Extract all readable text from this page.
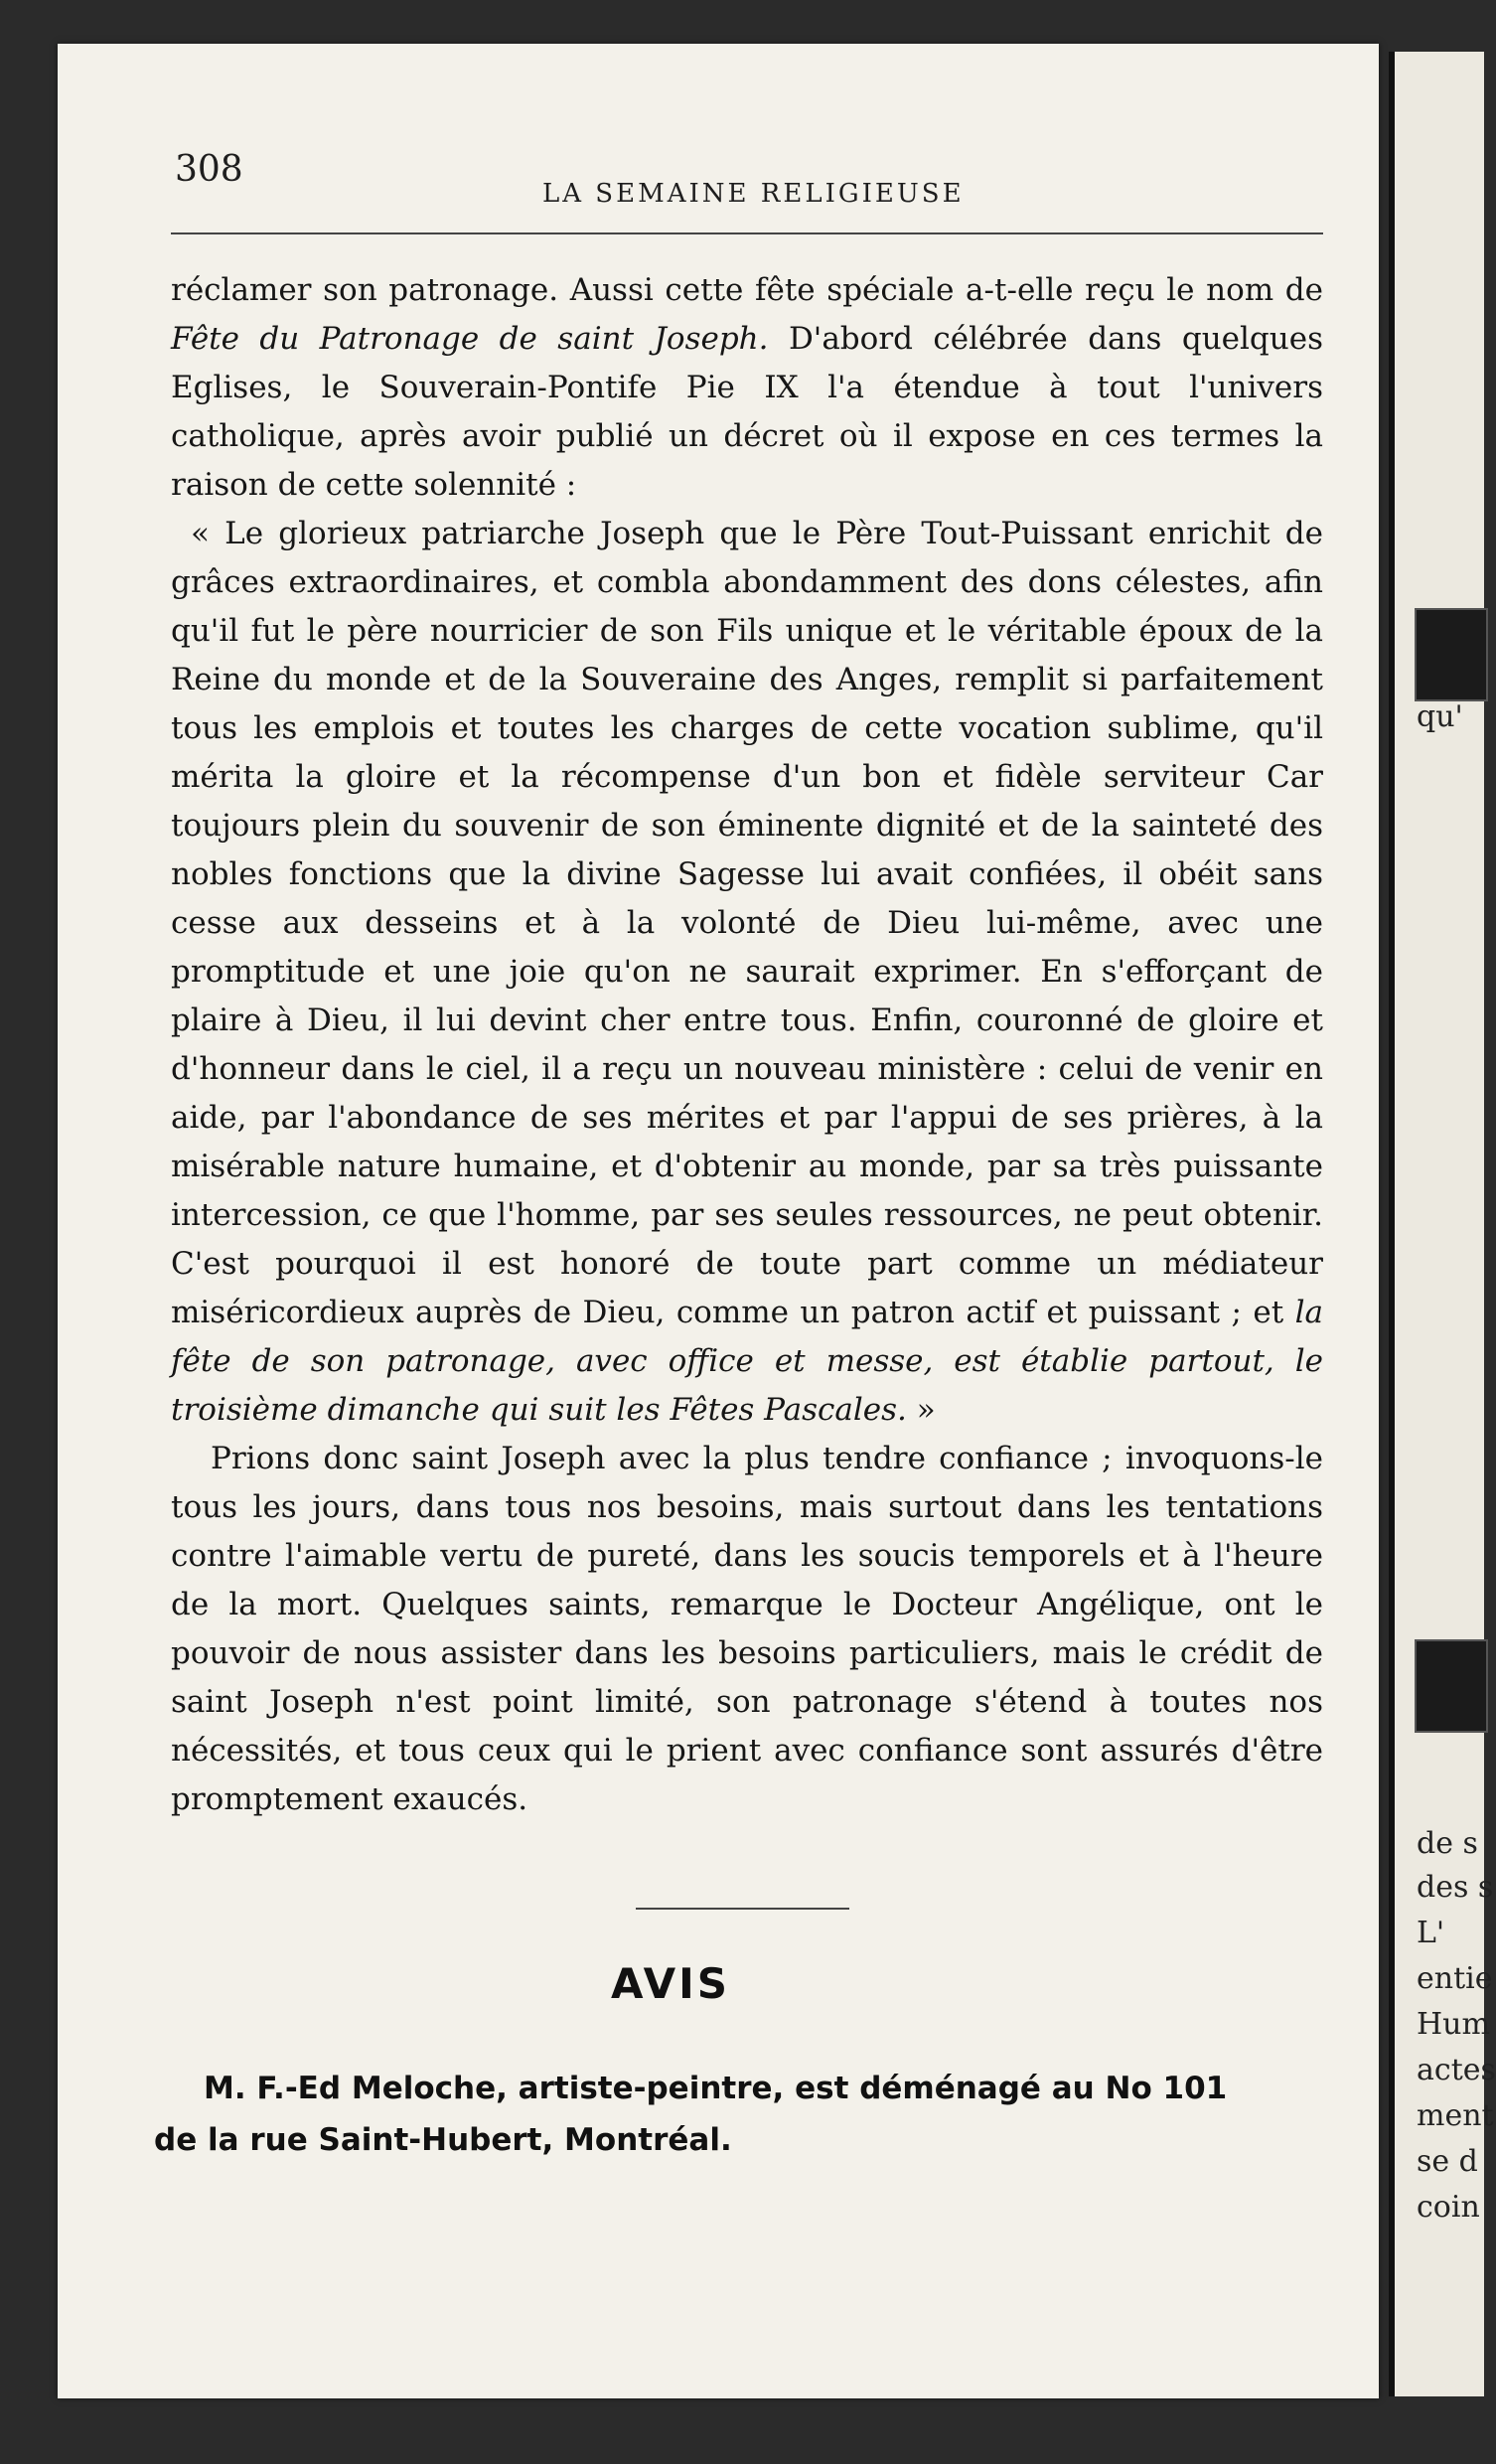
308
LA SEMAINE RELIGIEUSE

réclamer son patronage. Aussi cette fête spéciale a-t-elle reçu le nom de Fête du Patronage de saint Joseph. D'abord célébrée dans quelques Eglises, le Souverain-Pontife Pie IX l'a étendue à tout l'univers catholique, après avoir publié un décret où il expose en ces termes la raison de cette solennité :

« Le glorieux patriarche Joseph que le Père Tout-Puissant enrichit de grâces extraordinaires, et combla abondamment des dons célestes, afin qu'il fut le père nourricier de son Fils unique et le véritable époux de la Reine du monde et de la Souveraine des Anges, remplit si parfaitement tous les emplois et toutes les charges de cette vocation sublime, qu'il mérita la gloire et la récompense d'un bon et fidèle serviteur Car toujours plein du souvenir de son éminente dignité et de la sainteté des nobles fonctions que la divine Sagesse lui avait confiées, il obéit sans cesse aux desseins et à la volonté de Dieu lui-même, avec une promptitude et une joie qu'on ne saurait exprimer. En s'efforçant de plaire à Dieu, il lui devint cher entre tous. Enfin, couronné de gloire et d'honneur dans le ciel, il a reçu un nouveau ministère : celui de venir en aide, par l'abondance de ses mérites et par l'appui de ses prières, à la misérable nature humaine, et d'obtenir au monde, par sa très puissante intercession, ce que l'homme, par ses seules ressources, ne peut obtenir. C'est pourquoi il est honoré de toute part comme un médiateur miséricordieux auprès de Dieu, comme un patron actif et puissant ; et la fête de son patronage, avec office et messe, est établie partout, le troisième dimanche qui suit les Fêtes Pascales. »

Prions donc saint Joseph avec la plus tendre confiance ; invoquons-le tous les jours, dans tous nos besoins, mais surtout dans les tentations contre l'aimable vertu de pureté, dans les soucis temporels et à l'heure de la mort. Quelques saints, remarque le Docteur Angélique, ont le pouvoir de nous assister dans les besoins particuliers, mais le crédit de saint Joseph n'est point limité, son patronage s'étend à toutes nos nécessités, et tous ceux qui le prient avec confiance sont assurés d'être promptement exaucés.

AVIS
M. F.-Ed Meloche, artiste-peintre, est déménagé au No 101
de la rue Saint-Hubert, Montréal.
qu'
de s
des s
L'
entie
Hum
actes
ment
se d
coin
